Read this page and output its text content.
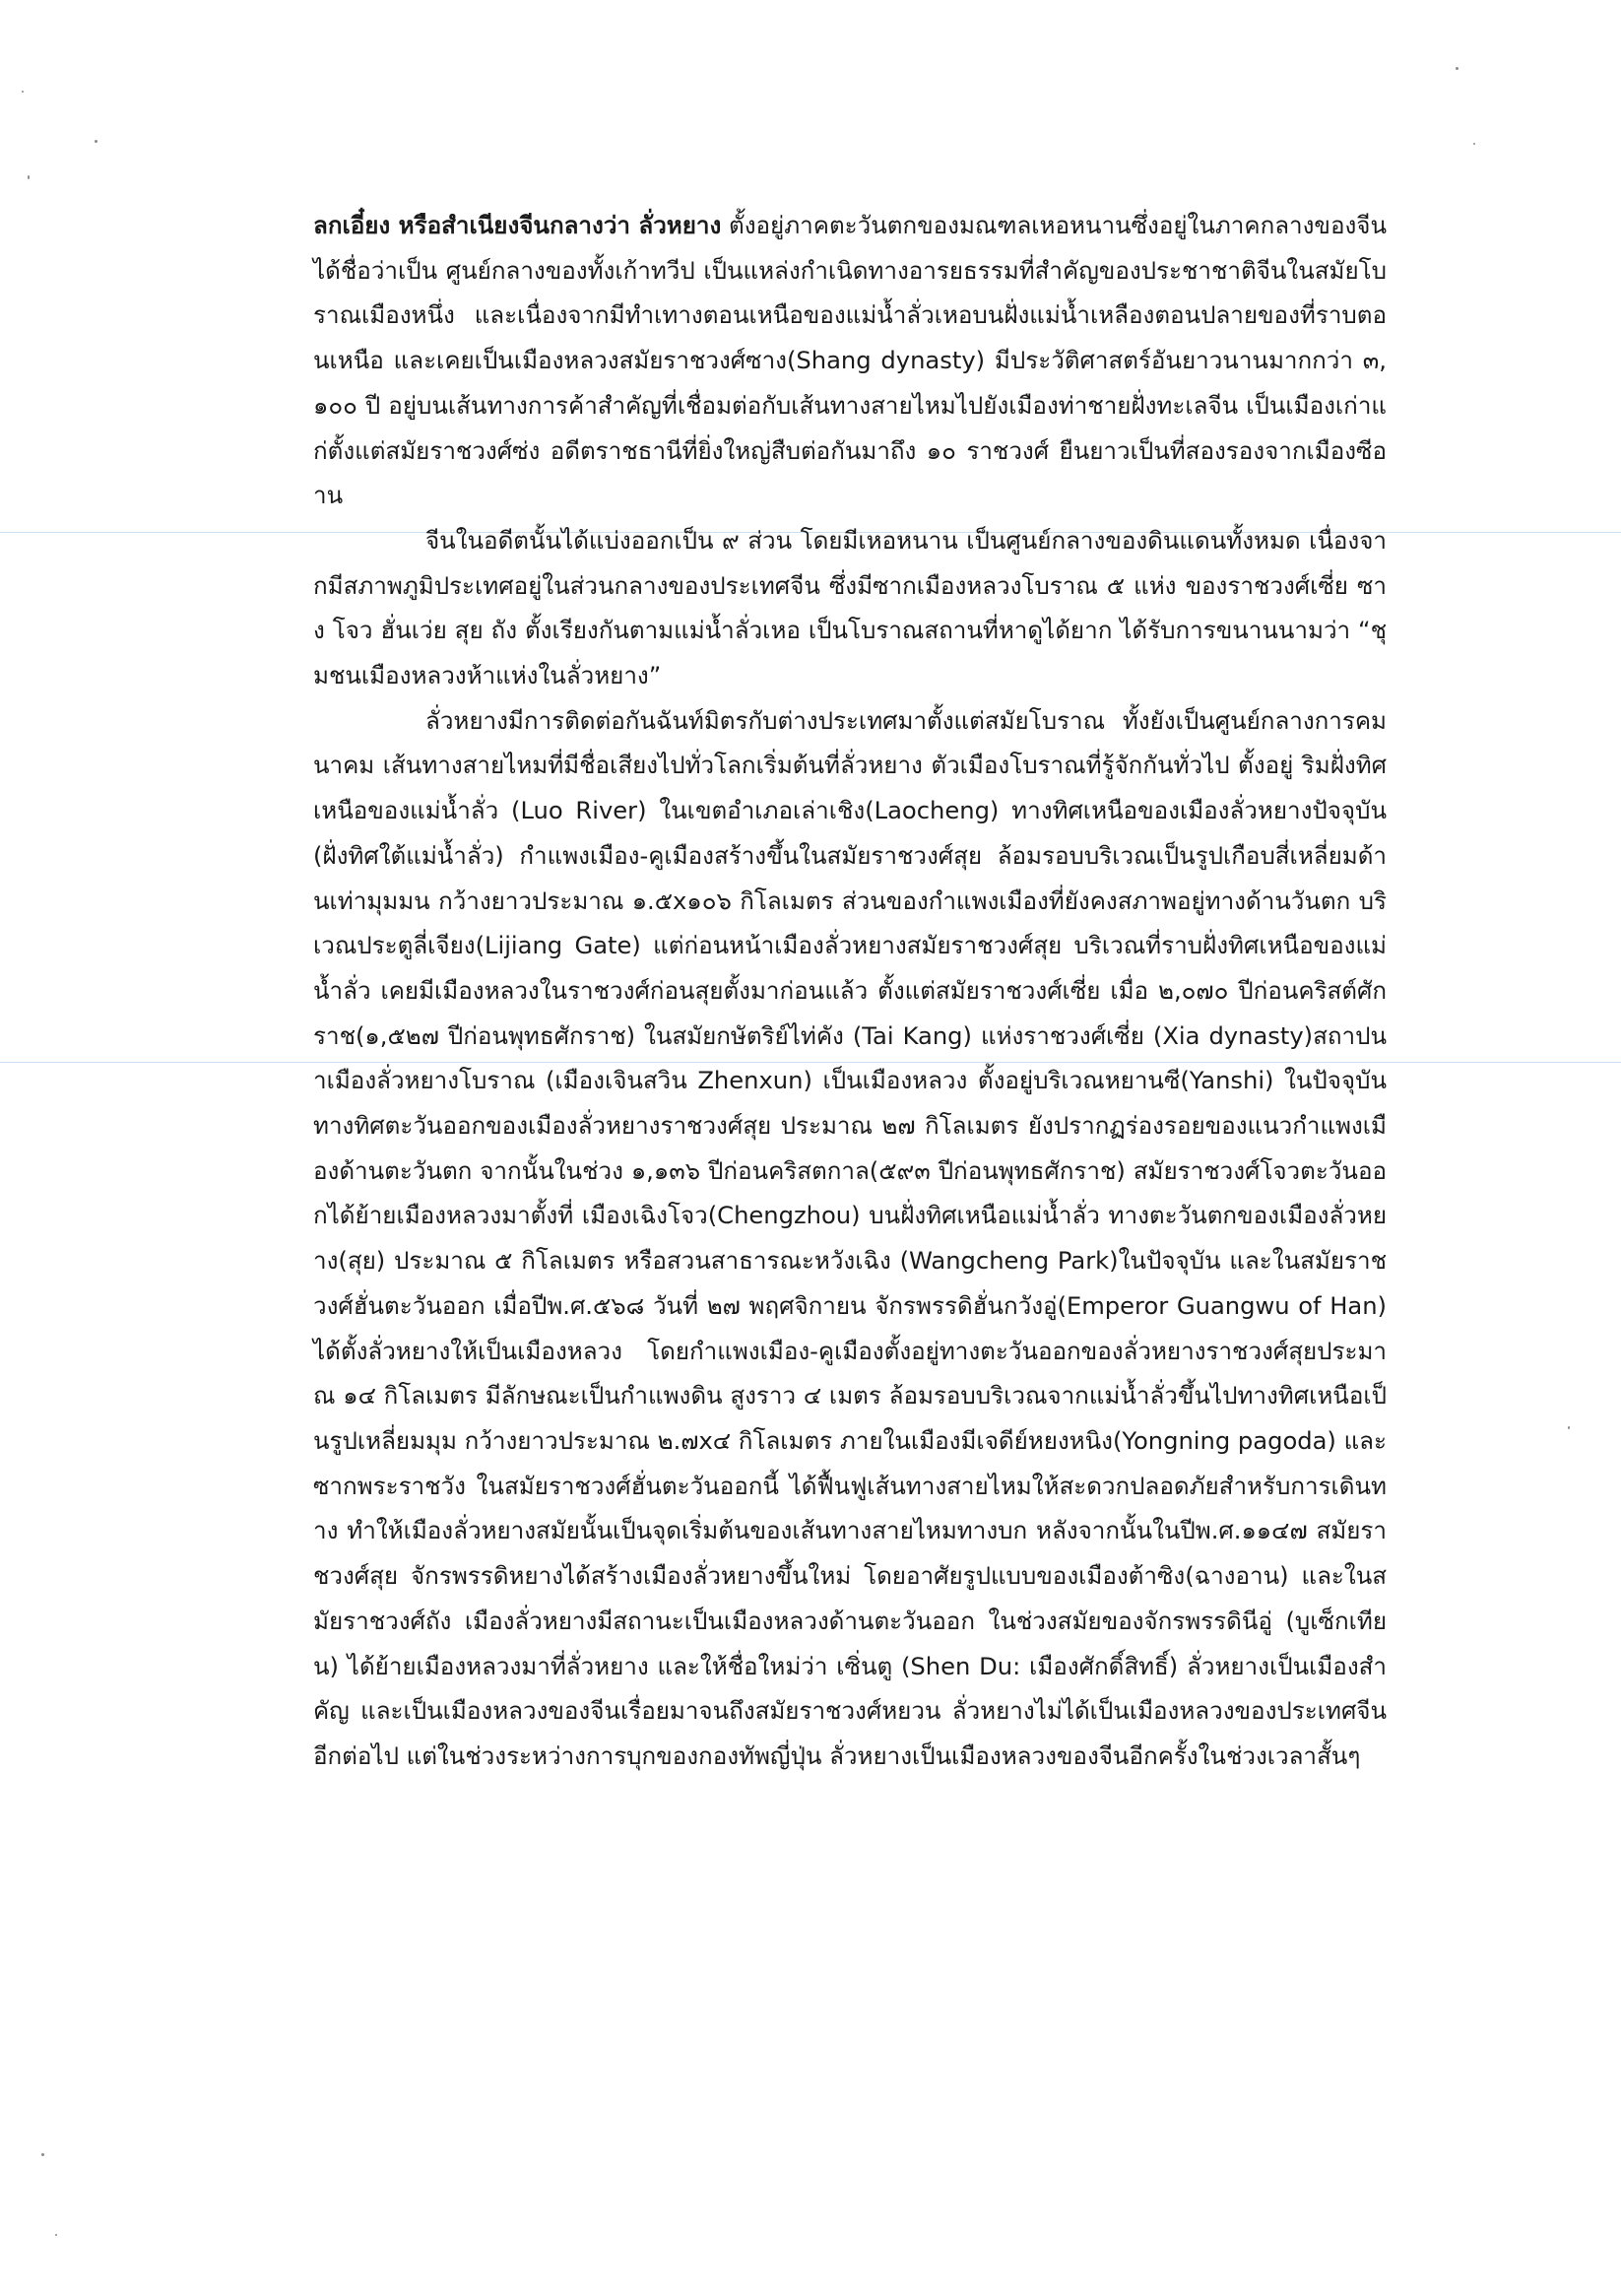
ลกเอี๋ยง หรือสำเนียงจีนกลางว่า ลั่วหยาง ตั้งอยู่ภาคตะวันตกของมณฑลเหอหนานซึ่งอยู่ในภาคกลางของจีน ได้ชื่อว่าเป็น ศูนย์กลางของทั้งเก้าทวีป เป็นแหล่งกำเนิดทางอารยธรรมที่สำคัญของประชาชาติจีนในสมัยโบราณเมืองหนึ่ง และเนื่องจากมีทำเทางตอนเหนือของแม่น้ำลั่วเหอบนฝั่งแม่น้ำเหลืองตอนปลายของที่ราบตอนเหนือ และเคยเป็นเมืองหลวงสมัยราชวงศ์ซาง(Shang dynasty) มีประวัติศาสตร์อันยาวนานมากกว่า ๓,๑๐๐ ปี อยู่บนเส้นทางการค้าสำคัญที่เชื่อมต่อกับเส้นทางสายไหมไปยังเมืองท่าชายฝั่งทะเลจีน เป็นเมืองเก่าแก่ตั้งแต่สมัยราชวงศ์ซ่ง อดีตราชธานีที่ยิ่งใหญ่สืบต่อกันมาถึง ๑๐ ราชวงศ์ ยืนยาวเป็นที่สองรองจากเมืองซีอาน

จีนในอดีตนั้นได้แบ่งออกเป็น ๙ ส่วน โดยมีเหอหนาน เป็นศูนย์กลางของดินแดนทั้งหมด เนื่องจากมีสภาพภูมิประเทศอยู่ในส่วนกลางของประเทศจีน ซึ่งมีซากเมืองหลวงโบราณ ๕ แห่ง ของราชวงศ์เซี่ย ซาง โจว ฮั่นเว่ย สุย ถัง ตั้งเรียงกันตามแม่น้ำลั่วเหอ เป็นโบราณสถานที่หาดูได้ยาก ได้รับการขนานนามว่า “ชุมชนเมืองหลวงห้าแห่งในลั่วหยาง”

ลั่วหยางมีการติดต่อกันฉันท์มิตรกับต่างประเทศมาตั้งแต่สมัยโบราณ ทั้งยังเป็นศูนย์กลางการคมนาคม เส้นทางสายไหมที่มีชื่อเสียงไปทั่วโลกเริ่มต้นที่ลั่วหยาง ตัวเมืองโบราณที่รู้จักกันทั่วไป ตั้งอยู่ ริมฝั่งทิศเหนือของแม่น้ำลั่ว (Luo River) ในเขตอำเภอเล่าเชิง(Laocheng) ทางทิศเหนือของเมืองลั่วหยางปัจจุบัน(ฝั่งทิศใต้แม่น้ำลั่ว) กำแพงเมือง-คูเมืองสร้างขึ้นในสมัยราชวงศ์สุย ล้อมรอบบริเวณเป็นรูปเกือบสี่เหลี่ยมด้านเท่ามุมมน กว้างยาวประมาณ ๑.๕x๑๐๖ กิโลเมตร ส่วนของกำแพงเมืองที่ยังคงสภาพอยู่ทางด้านวันตก บริเวณประตูลี่เจียง(Lijiang Gate) แต่ก่อนหน้าเมืองลั่วหยางสมัยราชวงศ์สุย บริเวณที่ราบฝั่งทิศเหนือของแม่น้ำลั่ว เคยมีเมืองหลวงในราชวงศ์ก่อนสุยตั้งมาก่อนแล้ว ตั้งแต่สมัยราชวงศ์เซี่ย เมื่อ ๒,๐๗๐ ปีก่อนคริสต์ศักราช(๑,๕๒๗ ปีก่อนพุทธศักราช) ในสมัยกษัตริย์ไท่คัง (Tai Kang) แห่งราชวงศ์เซี่ย (Xia dynasty)สถาปนาเมืองลั่วหยางโบราณ (เมืองเจินสวิน Zhenxun) เป็นเมืองหลวง ตั้งอยู่บริเวณหยานซี(Yanshi) ในปัจจุบัน ทางทิศตะวันออกของเมืองลั่วหยางราชวงศ์สุย ประมาณ ๒๗ กิโลเมตร ยังปรากฏร่องรอยของแนวกำแพงเมืองด้านตะวันตก จากนั้นในช่วง ๑,๑๓๖ ปีก่อนคริสตกาล(๕๙๓ ปีก่อนพุทธศักราช) สมัยราชวงศ์โจวตะวันออกได้ย้ายเมืองหลวงมาตั้งที่ เมืองเฉิงโจว(Chengzhou) บนฝั่งทิศเหนือแม่น้ำลั่ว ทางตะวันตกของเมืองลั่วหยาง(สุย) ประมาณ ๕ กิโลเมตร หรือสวนสาธารณะหวังเฉิง (Wangcheng Park)ในปัจจุบัน และในสมัยราชวงศ์ฮั่นตะวันออก เมื่อปีพ.ศ.๕๖๘ วันที่ ๒๗ พฤศจิกายน จักรพรรดิฮั่นกวังอู่(Emperor Guangwu of Han) ได้ตั้งลั่วหยางให้เป็นเมืองหลวง โดยกำแพงเมือง-คูเมืองตั้งอยู่ทางตะวันออกของลั่วหยางราชวงศ์สุยประมาณ ๑๔ กิโลเมตร มีลักษณะเป็นกำแพงดิน สูงราว ๔ เมตร ล้อมรอบบริเวณจากแม่น้ำลั่วขึ้นไปทางทิศเหนือเป็นรูปเหลี่ยมมุม กว้างยาวประมาณ ๒.๗x๔ กิโลเมตร ภายในเมืองมีเจดีย์หยงหนิง(Yongning pagoda) และซากพระราชวัง ในสมัยราชวงศ์ฮั่นตะวันออกนี้ ได้ฟื้นฟูเส้นทางสายไหมให้สะดวกปลอดภัยสำหรับการเดินทาง ทำให้เมืองลั่วหยางสมัยนั้นเป็นจุดเริ่มต้นของเส้นทางสายไหมทางบก หลังจากนั้นในปีพ.ศ.๑๑๔๗ สมัยราชวงศ์สุย จักรพรรดิหยางได้สร้างเมืองลั่วหยางขึ้นใหม่ โดยอาศัยรูปแบบของเมืองต้าซิง(ฉางอาน) และในสมัยราชวงศ์ถัง เมืองลั่วหยางมีสถานะเป็นเมืองหลวงด้านตะวันออก ในช่วงสมัยของจักรพรรดินีอู่ (บูเซ็กเทียน) ได้ย้ายเมืองหลวงมาที่ลั่วหยาง และให้ชื่อใหม่ว่า เซิ่นตู (Shen Du: เมืองศักดิ์สิทธิ์) ลั่วหยางเป็นเมืองสำคัญ และเป็นเมืองหลวงของจีนเรื่อยมาจนถึงสมัยราชวงศ์หยวน ลั่วหยางไม่ได้เป็นเมืองหลวงของประเทศจีนอีกต่อไป แต่ในช่วงระหว่างการบุกของกองทัพญี่ปุ่น ลั่วหยางเป็นเมืองหลวงของจีนอีกครั้งในช่วงเวลาสั้นๆ
